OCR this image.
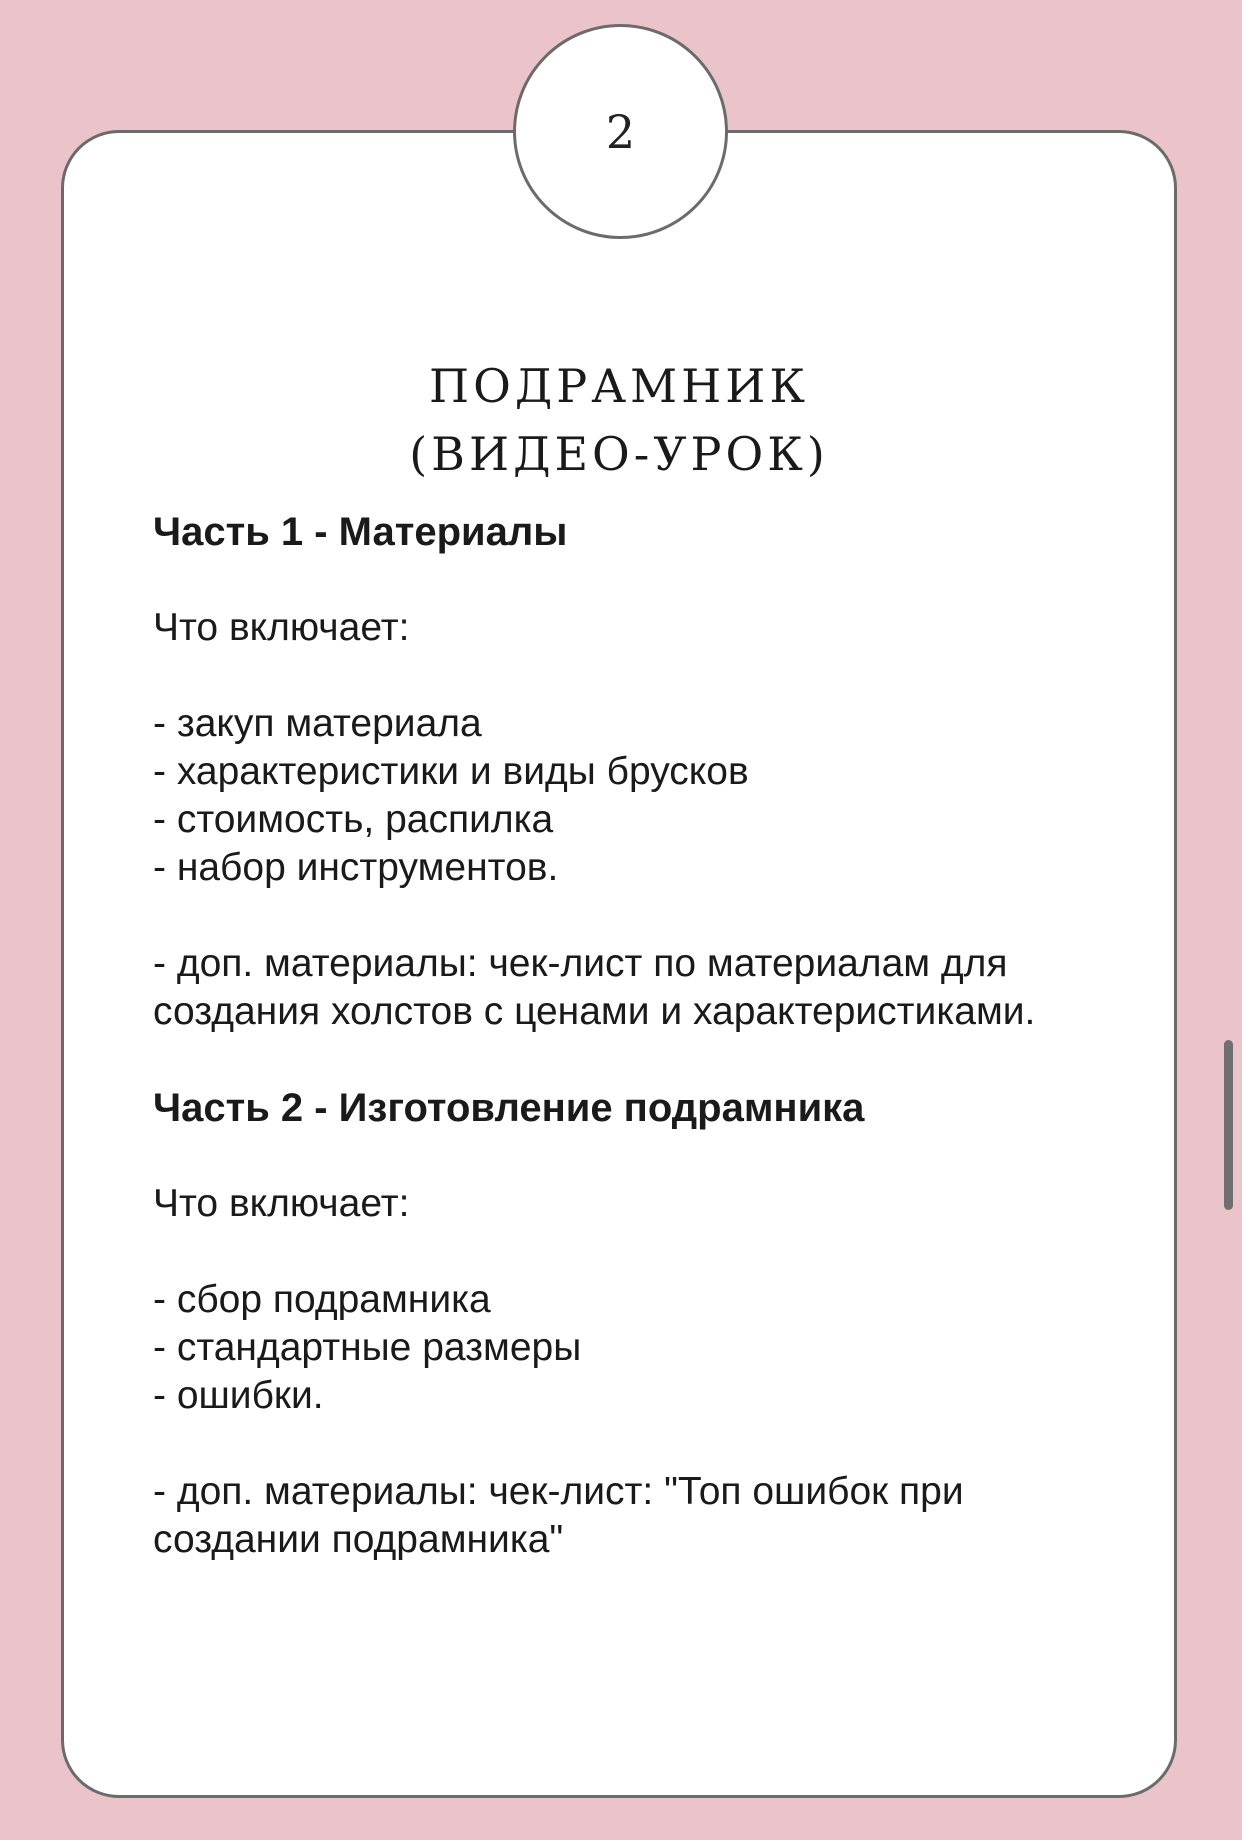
2
ПОДРАМНИК
(ВИДЕО-УРОК)

Часть 1 - Материалы

Что включает:

- закуп материала

- характеристики и виды брусков

- стоимость, распилка

- набор инструментов.

- доп. материалы: чек-лист по материалам для создания холстов с ценами и характеристиками.

Часть 2 - Изготовление подрамника

Что включает:

- сбор подрамника

- стандартные размеры

- ошибки.

- доп. материалы: чек-лист: "Топ ошибок при создании подрамника"
